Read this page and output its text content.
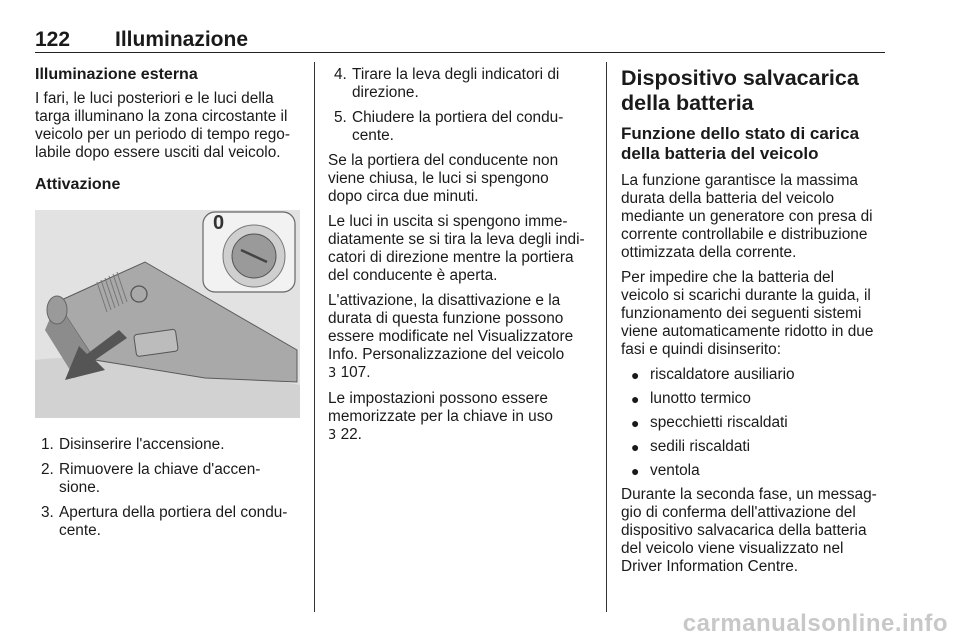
122 Illuminazione
Illuminazione esterna

I fari, le luci posteriori e le luci della targa illuminano la zona circostante il veicolo per un periodo di tempo rego-labile dopo essere usciti dal veicolo.

Attivazione
0
1. Disinserire l'accensione.
2. Rimuovere la chiave d'accen-sione.
3. Apertura della portiera del condu-cente.
4. Tirare la leva degli indicatori di direzione.
5. Chiudere la portiera del condu-cente.

Se la portiera del conducente non viene chiusa, le luci si spengono dopo circa due minuti.

Le luci in uscita si spengono imme-diatamente se si tira la leva degli indi-catori di direzione mentre la portiera del conducente è aperta.

L'attivazione, la disattivazione e la durata di questa funzione possono essere modificate nel Visualizzatore Info. Personalizzazione del veicolo
3 107.

Le impostazioni possono essere memorizzate per la chiave in uso
3 22.

Dispositivo salvacarica della batteria
Funzione dello stato di carica della batteria del veicolo

La funzione garantisce la massima durata della batteria del veicolo mediante un generatore con presa di corrente controllabile e distribuzione ottimizzata della corrente.

Per impedire che la batteria del veicolo si scarichi durante la guida, il funzionamento dei seguenti sistemi viene automaticamente ridotto in due fasi e quindi disinserito:

● riscaldatore ausiliario
● lunotto termico
● specchietti riscaldati
● sedili riscaldati
● ventola

Durante la seconda fase, un messag-gio di conferma dell'attivazione del dispositivo salvacarica della batteria del veicolo viene visualizzato nel Driver Information Centre.

carmanualsonline.info
